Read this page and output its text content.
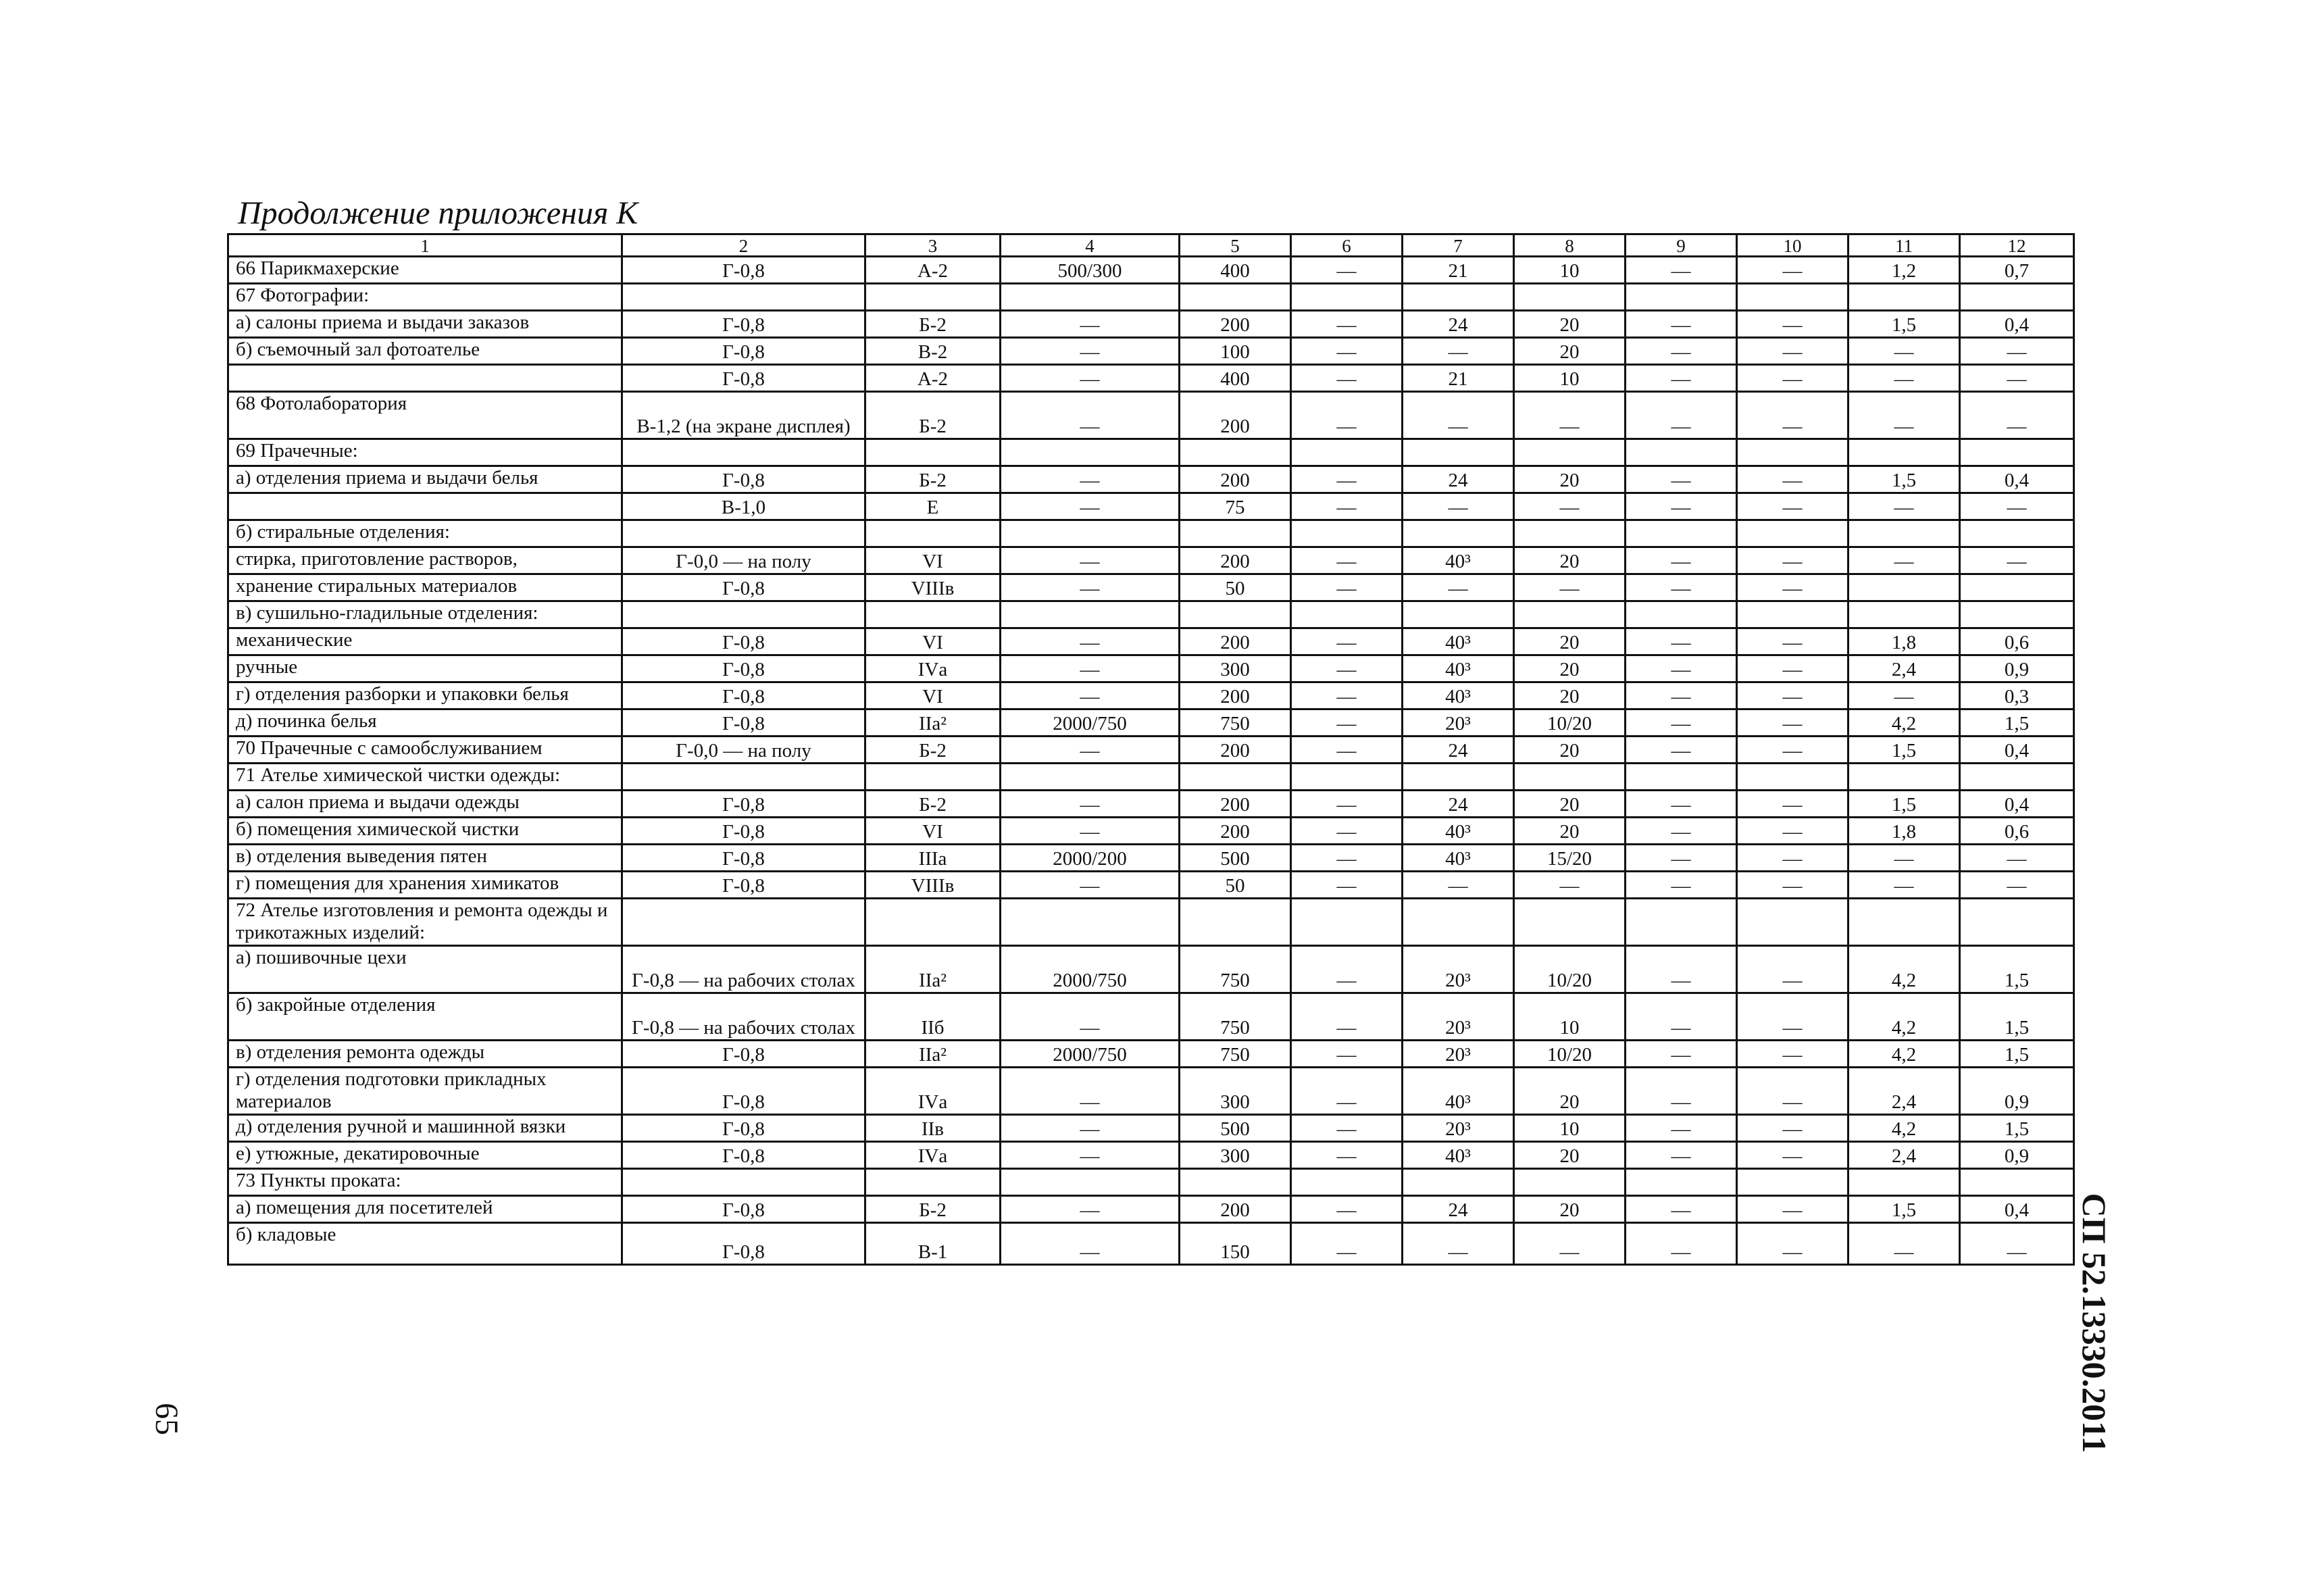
Продолжение приложения К
1	2	3	4	5	6	7	8	9	10	11	12
66 Парикмахерские	Г-0,8	А-2	500/300	400	—	21	10	—	—	1,2	0,7
67 Фотографии:											
а) салоны приема и выдачи заказов	Г-0,8	Б-2	—	200	—	24	20	—	—	1,5	0,4
б) съемочный зал фотоателье	Г-0,8	В-2	—	100	—	—	20	—	—	—	—
	Г-0,8	А-2	—	400	—	21	10	—	—	—	—
68 Фотолаборатория	В-1,2 (на экране дисплея)	Б-2	—	200	—	—	—	—	—	—	—
69 Прачечные:											
а) отделения приема и выдачи белья	Г-0,8	Б-2	—	200	—	24	20	—	—	1,5	0,4
	В-1,0	Е	—	75	—	—	—	—	—	—	—
б) стиральные отделения:											
стирка, приготовление растворов,	Г-0,0 — на полу	VI	—	200	—	40³	20	—	—	—	—
хранение стиральных материалов	Г-0,8	VIIIв	—	50	—	—	—	—	—		
в) сушильно-гладильные отделения:											
механические	Г-0,8	VI	—	200	—	40³	20	—	—	1,8	0,6
ручные	Г-0,8	IVа	—	300	—	40³	20	—	—	2,4	0,9
г) отделения разборки и упаковки белья	Г-0,8	VI	—	200	—	40³	20	—	—	—	0,3
д) починка белья	Г-0,8	IIа²	2000/750	750	—	20³	10/20	—	—	4,2	1,5
70 Прачечные с самообслуживанием	Г-0,0 — на полу	Б-2	—	200	—	24	20	—	—	1,5	0,4
71 Ателье химической чистки одежды:											
а) салон приема и выдачи одежды	Г-0,8	Б-2	—	200	—	24	20	—	—	1,5	0,4
б) помещения химической чистки	Г-0,8	VI	—	200	—	40³	20	—	—	1,8	0,6
в) отделения выведения пятен	Г-0,8	IIIа	2000/200	500	—	40³	15/20	—	—	—	—
г) помещения для хранения химикатов	Г-0,8	VIIIв	—	50	—	—	—	—	—	—	—
72 Ателье изготовления и ремонта одежды и трикотажных изделий:											
а) пошивочные цехи	Г-0,8 — на рабочих столах	IIа²	2000/750	750	—	20³	10/20	—	—	4,2	1,5
б) закройные отделения	Г-0,8 — на рабочих столах	IIб	—	750	—	20³	10	—	—	4,2	1,5
в) отделения ремонта одежды	Г-0,8	IIа²	2000/750	750	—	20³	10/20	—	—	4,2	1,5
г) отделения подготовки прикладных материалов	Г-0,8	IVа	—	300	—	40³	20	—	—	2,4	0,9
д) отделения ручной и машинной вязки	Г-0,8	IIв	—	500	—	20³	10	—	—	4,2	1,5
е) утюжные, декатировочные	Г-0,8	IVа	—	300	—	40³	20	—	—	2,4	0,9
73 Пункты проката:											
а) помещения для посетителей	Г-0,8	Б-2	—	200	—	24	20	—	—	1,5	0,4
б) кладовые	Г-0,8	В-1	—	150	—	—	—	—	—	—	— СП 52.13330.2011
65
